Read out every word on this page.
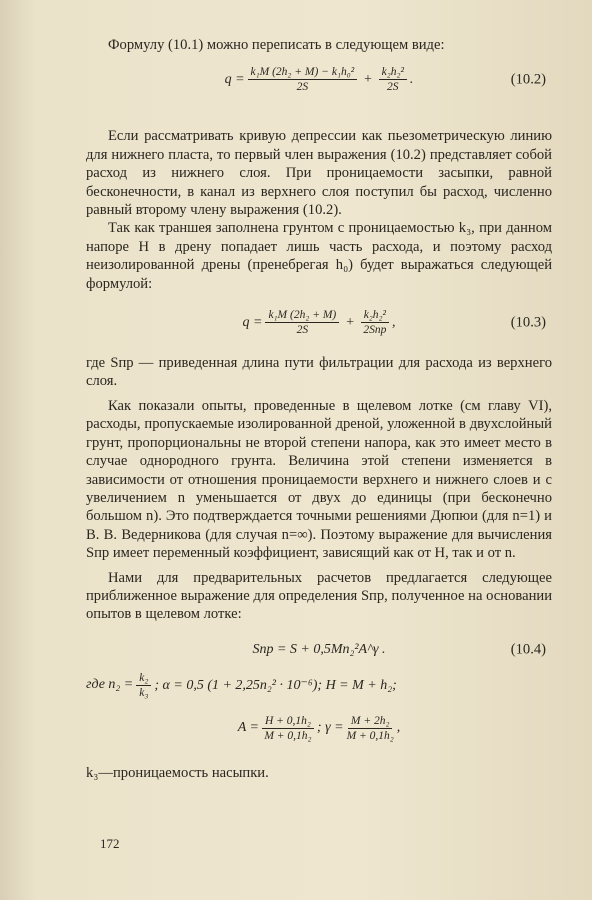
Формулу (10.1) можно переписать в следующем виде:

$q = \frac{\text{k₁M (2h₂ + M) − k₁h₀²}}{2S} + \frac{\text{k₂h₂²}}{2S}$ .	(10.2)

Если рассматривать кривую депрессии как пьезометрическую линию для нижнего пласта, то первый член выражения (10.2) представляет собой расход из нижнего слоя. При проницаемости засыпки, равной бесконечности, в канал из верхнего слоя поступил бы расход, численно равный второму члену выражения (10.2).

Так как траншея заполнена грунтом с проницаемостью k₃, при данном напоре H в дрену попадает лишь часть расхода, и поэтому расход неизолированной дрены (пренебрегая h₀) будет выражаться следующей формулой:

$q = \frac{\text{k₁M (2h₂ + M)}}{2S} + \frac{\text{k₂h₂²}}{\text{2Sпр}}$ ,	(10.3)

где Sпр — приведенная длина пути фильтрации для расхода из верхнего слоя.

Как показали опыты, проведенные в щелевом лотке (см главу VI), расходы, пропускаемые изолированной дреной, уложенной в двухслойный грунт, пропорциональны не второй степени напора, как это имеет место в случае однородного грунта. Величина этой степени изменяется в зависимости от отношения проницаемости верхнего и нижнего слоев и с увеличением n уменьшается от двух до единицы (при бесконечно большом n). Это подтверждается точными решениями Дюпюи (для n=1) и В. В. Ведерникова (для случая n=∞). Поэтому выражение для вычисления Sпр имеет переменный коэффициент, зависящий как от H, так и от n.

Нами для предварительных расчетов предлагается следующее приближенное выражение для определения Sпр, полученное на основании опытов в щелевом лотке:

Sпр = S + 0,5Mn₂²A^γ .	(10.4)
где $n_2 = \frac{\text{k₂}}{\text{k₃}}$ ; α = 0,5 (1 + 2,25n₂² · 10⁻⁶); H = M + h₂;
$A = \frac{\text{H + 0,1h₂}}{\text{M + 0,1h₂}}$ ; $\gamma = \frac{\text{M + 2h₂}}{\text{M + 0,1h₂}}$ ,

k₃—проницаемость насыпки.

172
